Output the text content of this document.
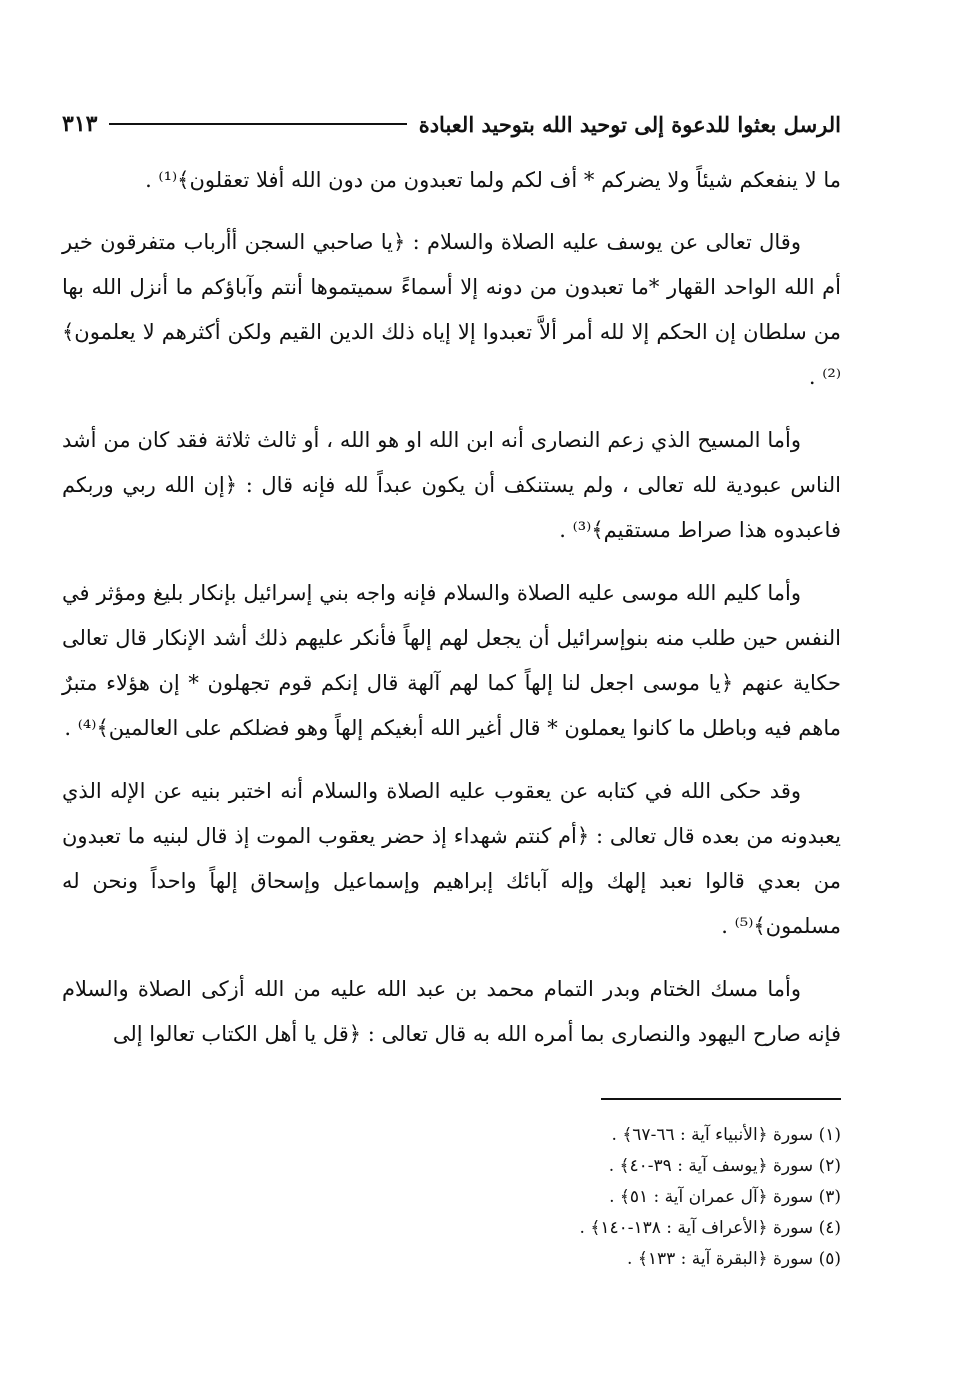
الرسل بعثوا للدعوة إلى توحيد الله بتوحيد العبادة
٣١٣

ما لا ينفعكم شيئاً ولا يضركم * أف لكم ولما تعبدون من دون الله أفلا تعقلون﴾⁽¹⁾ .

وقال تعالى عن يوسف عليه الصلاة والسلام : ﴿يا صاحبي السجن أأرباب متفرقون خير أم الله الواحد القهار *ما تعبدون من دونه إلا أسماءً سميتموها أنتم وآباؤكم ما أنزل الله بها من سلطان إن الحكم إلا لله أمر ألاَّ تعبدوا إلا إياه ذلك الدين القيم ولكن أكثرهم لا يعلمون﴾⁽²⁾ .

وأما المسيح الذي زعم النصارى أنه ابن الله او هو الله ، أو ثالث ثلاثة فقد كان من أشد الناس عبودية لله تعالى ، ولم يستنكف أن يكون عبداً لله فإنه قال : ﴿إن الله ربي وربكم فاعبدوه هذا صراط مستقيم﴾⁽³⁾ .

وأما كليم الله موسى عليه الصلاة والسلام فإنه واجه بني إسرائيل بإنكار بليغ ومؤثر في النفس حين طلب منه بنوإسرائيل أن يجعل لهم إلهاً فأنكر عليهم ذلك أشد الإنكار قال تعالى حكاية عنهم ﴿يا موسى اجعل لنا إلهاً كما لهم آلهة قال إنكم قوم تجهلون * إن هؤلاء متبرٌ ماهم فيه وباطل ما كانوا يعملون * قال أغير الله أبغيكم إلهاً وهو فضلكم على العالمين﴾⁽⁴⁾ .

وقد حكى الله في كتابه عن يعقوب عليه الصلاة والسلام أنه اختبر بنيه عن الإله الذي يعبدونه من بعده قال تعالى : ﴿أم كنتم شهداء إذ حضر يعقوب الموت إذ قال لبنيه ما تعبدون من بعدي قالوا نعبد إلهك وإله آبائك إبراهيم وإسماعيل وإسحاق إلهاً واحداً ونحن له مسلمون﴾⁽⁵⁾ .

وأما مسك الختام وبدر التمام محمد بن عبد الله عليه من الله أزكى الصلاة والسلام فإنه صارح اليهود والنصارى بما أمره الله به قال تعالى : ﴿قل يا أهل الكتاب تعالوا إلى

(١) سورة ﴿الأنبياء آية : ٦٦-٦٧﴾ .
(٢) سورة ﴿يوسف آية : ٣٩-٤٠﴾ .
(٣) سورة ﴿آل عمران آية : ٥١﴾ .
(٤) سورة ﴿الأعراف آية : ١٣٨-١٤٠﴾ .
(٥) سورة ﴿البقرة آية : ١٣٣﴾ .
